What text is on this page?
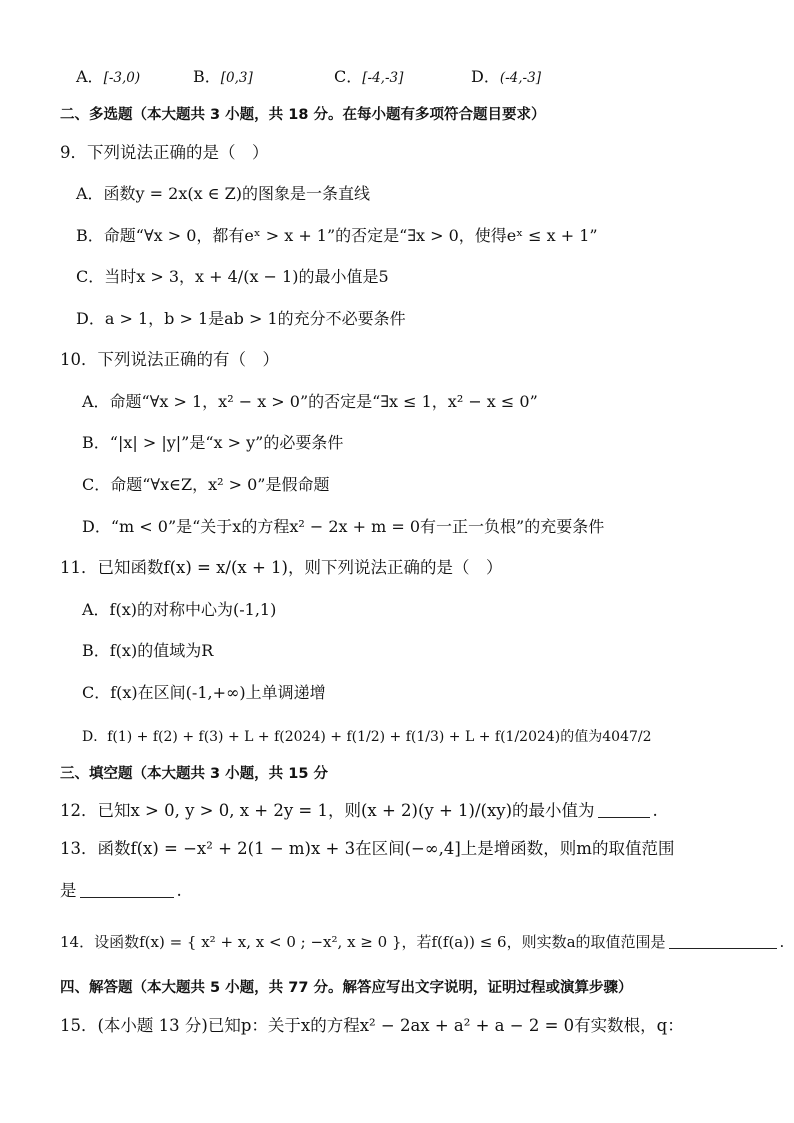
A．[-3,0)	B．[0,3]	C．[-4,-3]	D．(-4,-3]
二、多选题（本大题共 3 小题，共 18 分。在每小题有多项符合题目要求）
9．下列说法正确的是（　）
A．函数y = 2x(x ∈ Z)的图象是一条直线
B．命题“∀x > 0，都有eˣ > x + 1”的否定是“∃x > 0，使得eˣ ≤ x + 1”
C．当时x > 3，x + 4/(x − 1)的最小值是5
D．a > 1，b > 1是ab > 1的充分不必要条件
10．下列说法正确的有（　）
A．命题“∀x > 1，x² − x > 0”的否定是“∃x ≤ 1，x² − x ≤ 0”
B．“|x| > |y|”是“x > y”的必要条件
C．命题“∀x∈Z，x² > 0”是假命题
D．“m < 0”是“关于x的方程x² − 2x + m = 0有一正一负根”的充要条件
11．已知函数f(x) = x/(x + 1)，则下列说法正确的是（　）
A．f(x)的对称中心为(-1,1)
B．f(x)的值域为R
C．f(x)在区间(-1,+∞)上单调递增
D．f(1) + f(2) + f(3) + L + f(2024) + f(1/2) + f(1/3) + L + f(1/2024)的值为4047/2
三、填空题（本大题共 3 小题，共 15 分
12．已知x > 0, y > 0, x + 2y = 1，则(x + 2)(y + 1)/(xy)的最小值为	.
13．函数f(x) = −x² + 2(1 − m)x + 3在区间(−∞,4]上是增函数，则m的取值范围
是	.
14．设函数f(x) = { x² + x, x < 0 ; −x², x ≥ 0 }，若f(f(a)) ≤ 6，则实数a的取值范围是	.
四、解答题（本大题共 5 小题，共 77 分。解答应写出文字说明，证明过程或演算步骤）
15．(本小题 13 分)已知p：关于x的方程x² − 2ax + a² + a − 2 = 0有实数根，q：
